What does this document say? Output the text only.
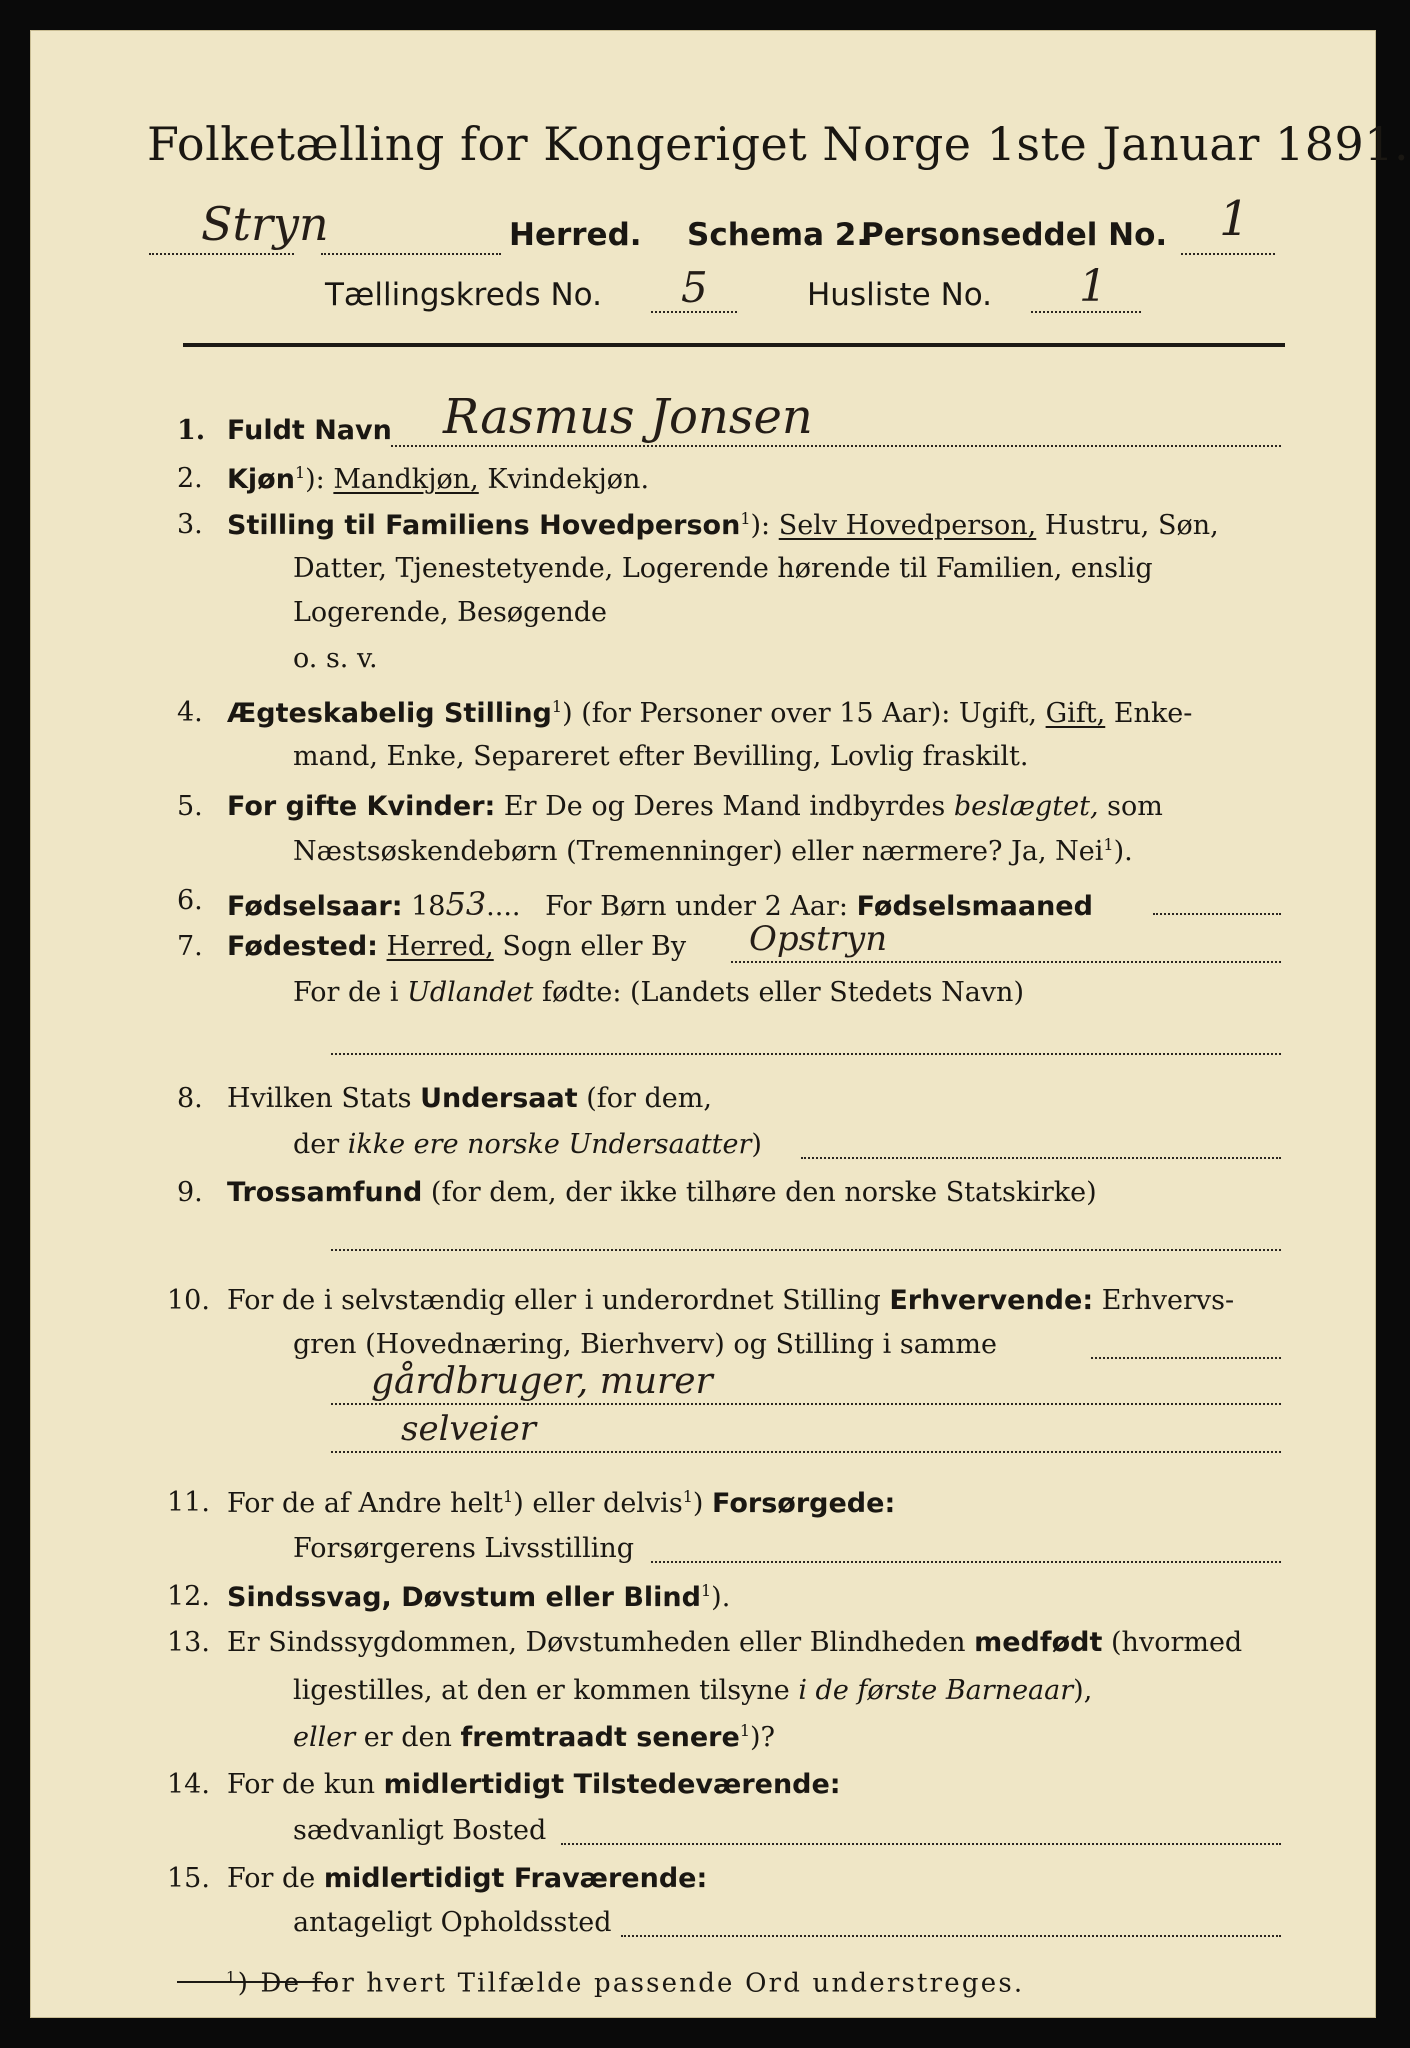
Folketælling for Kongeriget Norge 1ste Januar 1891.
Stryn	Herred. Schema 2.
Personseddel No. 1
Tællingskreds No. 5	Husliste No. 1
1. Fuldt Navn Rasmus Jonsen
2. Kjøn$^1$): Mandkjøn, Kvindekjøn.
3. Stilling til Familiens Hovedperson$^1$): Selv Hovedperson, Hustru, Søn,
Datter, Tjenestetyende, Logerende hørende til Familien, enslig
Logerende, Besøgende
o. s. v.
4. Ægteskabelig Stilling$^1$) (for Personer over 15 Aar): Ugift, Gift, Enke-
mand, Enke, Separeret efter Bevilling, Lovlig fraskilt.
5. For gifte Kvinder: Er De og Deres Mand indbyrdes beslægtet, som
Næstsøskendebørn (Tremenninger) eller nærmere? Ja, Nei$^1$).
6. Fødselsaar: 1853.... For Børn under 2 Aar: Fødselsmaaned
7. Fødested: Herred, Sogn eller By Opstryn
For de i Udlandet fødte: (Landets eller Stedets Navn)
8. Hvilken Stats Undersaat (for dem,
der ikke ere norske Undersaatter)
9. Trossamfund (for dem, der ikke tilhøre den norske Statskirke)
10. For de i selvstændig eller i underordnet Stilling Erhvervende: Erhvervs-
gren (Hovednæring, Bierhverv) og Stilling i samme
gårdbruger, murer
selveier
11. For de af Andre helt$^1$) eller delvis$^1$) Forsørgede:
Forsørgerens Livsstilling
12. Sindssvag, Døvstum eller Blind$^1$).
13. Er Sindssygdommen, Døvstumheden eller Blindheden medfødt (hvormed
ligestilles, at den er kommen tilsyne i de første Barneaar),
eller er den fremtraadt senere$^1$)?
14. For de kun midlertidigt Tilstedeværende:
sædvanligt Bosted
15. For de midlertidigt Fraværende:
antageligt Opholdssted
$^1$) De for hvert Tilfælde passende Ord understreges.
